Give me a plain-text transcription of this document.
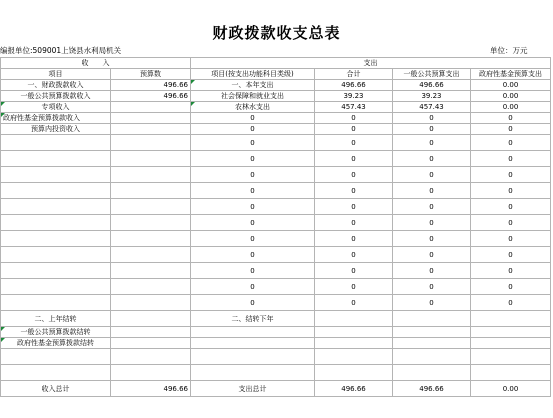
财政拨款收支总表
编报单位:509001上饶县水利局机关	单位：万元
收　　入		支出			
项目	预算数	项目(按支出功能科目类级)	合计	一般公共预算支出	政府性基金预算支出
一、财政拨款收入	496.66	一、本年支出	496.66	496.66	0.00
一般公共预算拨款收入	496.66	社会保障和就业支出	39.23	39.23	0.00
专项收入		农林水支出	457.43	457.43	0.00
政府性基金预算拨款收入		0	0	0	0
预算内投资收入		0	0	0	0
		0	0	0	0
		0	0	0	0
		0	0	0	0
		0	0	0	0
		0	0	0	0
		0	0	0	0
		0	0	0	0
		0	0	0	0
		0	0	0	0
		0	0	0	0
		0	0	0	0
二、上年结转		二、结转下年			
一般公共预算拨款结转					
政府性基金预算拨款结转					

收入总计	496.66	支出总计	496.66	496.66	0.00
